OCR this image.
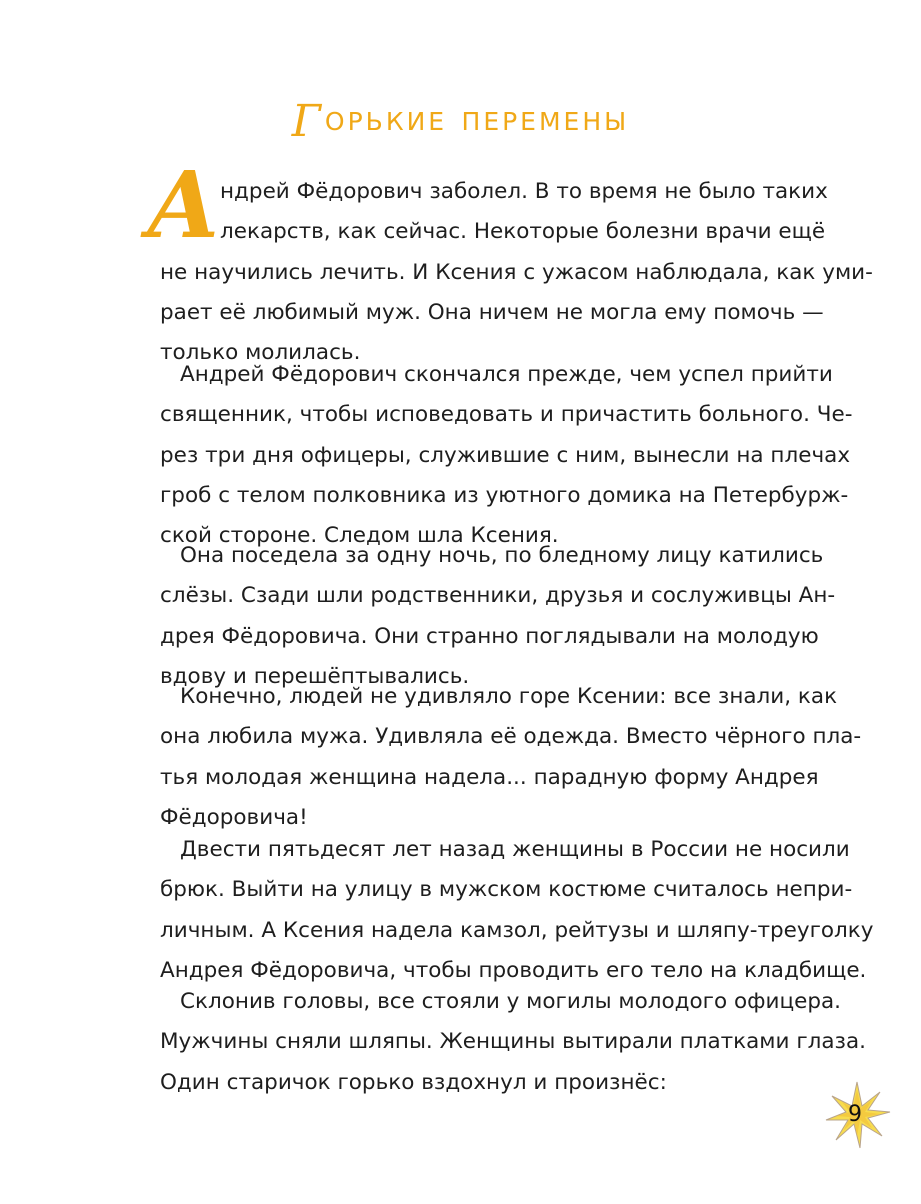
Горькие перемены
А ндрей Фёдорович заболел. В то время не было таких
лекарств, как сейчас. Некоторые болезни врачи ещё
не научились лечить. И Ксения с ужасом наблюдала, как уми-
рает её любимый муж. Она ничем не могла ему помочь —
только молилась.
Андрей Фёдорович скончался прежде, чем успел прийти
священник, чтобы исповедовать и причастить больного. Че-
рез три дня офицеры, служившие с ним, вынесли на плечах
гроб с телом полковника из уютного домика на Петербурж-
ской стороне. Следом шла Ксения.
Она поседела за одну ночь, по бледному лицу катились
слёзы. Сзади шли родственники, друзья и сослуживцы Ан-
дрея Фёдоровича. Они странно поглядывали на молодую
вдову и перешёптывались.
Конечно, людей не удивляло горе Ксении: все знали, как
она любила мужа. Удивляла её одежда. Вместо чёрного пла-
тья молодая женщина надела... парадную форму Андрея
Фёдоровича!
Двести пятьдесят лет назад женщины в России не носили
брюк. Выйти на улицу в мужском костюме считалось непри-
личным. А Ксения надела камзол, рейтузы и шляпу-треуголку
Андрея Фёдоровича, чтобы проводить его тело на кладбище.
Склонив головы, все стояли у могилы молодого офицера.
Мужчины сняли шляпы. Женщины вытирали платками глаза.
Один старичок горько вздохнул и произнёс:
9
